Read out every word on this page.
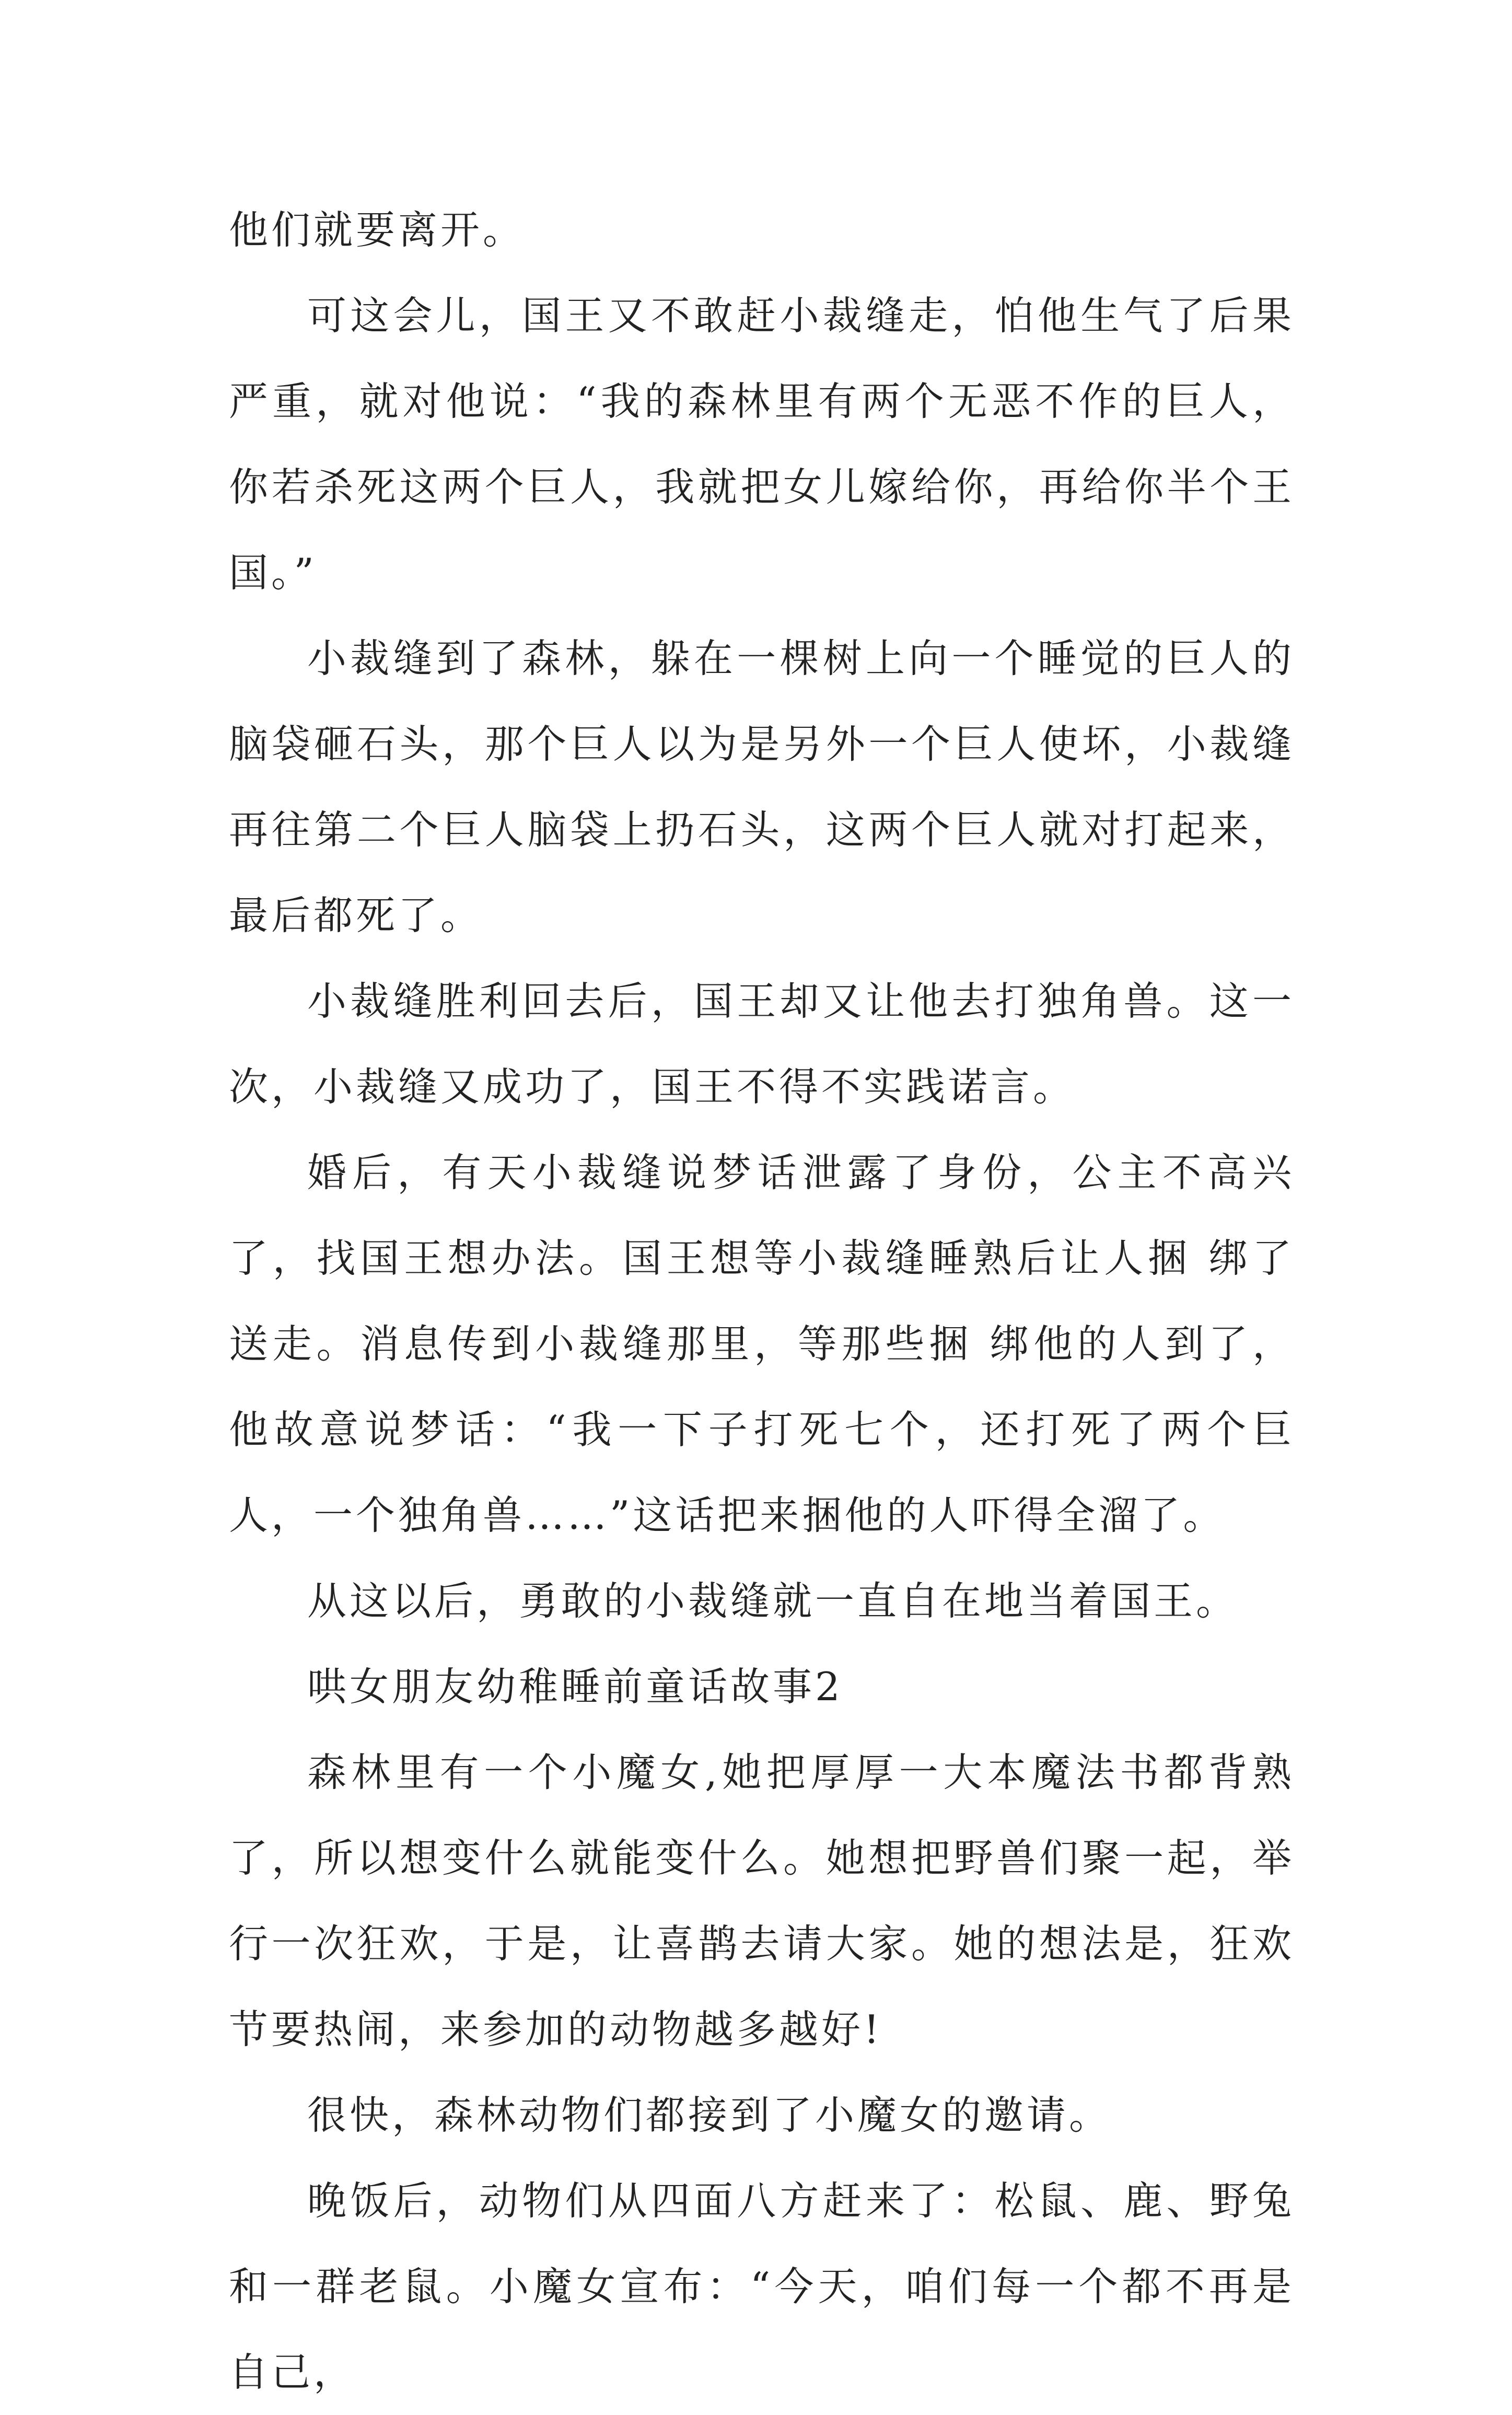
他们就要离开。

可这会儿，国王又不敢赶小裁缝走，怕他生气了后果严重，就对他说：“我的森林里有两个无恶不作的巨人，你若杀死这两个巨人，我就把女儿嫁给你，再给你半个王国。”

小裁缝到了森林，躲在一棵树上向一个睡觉的巨人的脑袋砸石头，那个巨人以为是另外一个巨人使坏，小裁缝再往第二个巨人脑袋上扔石头，这两个巨人就对打起来，最后都死了。

小裁缝胜利回去后，国王却又让他去打独角兽。这一次，小裁缝又成功了，国王不得不实践诺言。

婚后，有天小裁缝说梦话泄露了身份，公主不高兴了，找国王想办法。国王想等小裁缝睡熟后让人捆 绑了送走。消息传到小裁缝那里，等那些捆 绑他的人到了，他故意说梦话：“我一下子打死七个，还打死了两个巨人，一个独角兽……”这话把来捆他的人吓得全溜了。

从这以后，勇敢的小裁缝就一直自在地当着国王。

哄女朋友幼稚睡前童话故事2

森林里有一个小魔女,她把厚厚一大本魔法书都背熟了，所以想变什么就能变什么。她想把野兽们聚一起，举行一次狂欢，于是，让喜鹊去请大家。她的想法是，狂欢节要热闹，来参加的动物越多越好!

很快，森林动物们都接到了小魔女的邀请。

晚饭后，动物们从四面八方赶来了：松鼠、鹿、野兔和一群老鼠。小魔女宣布：“今天，咱们每一个都不再是自己，
